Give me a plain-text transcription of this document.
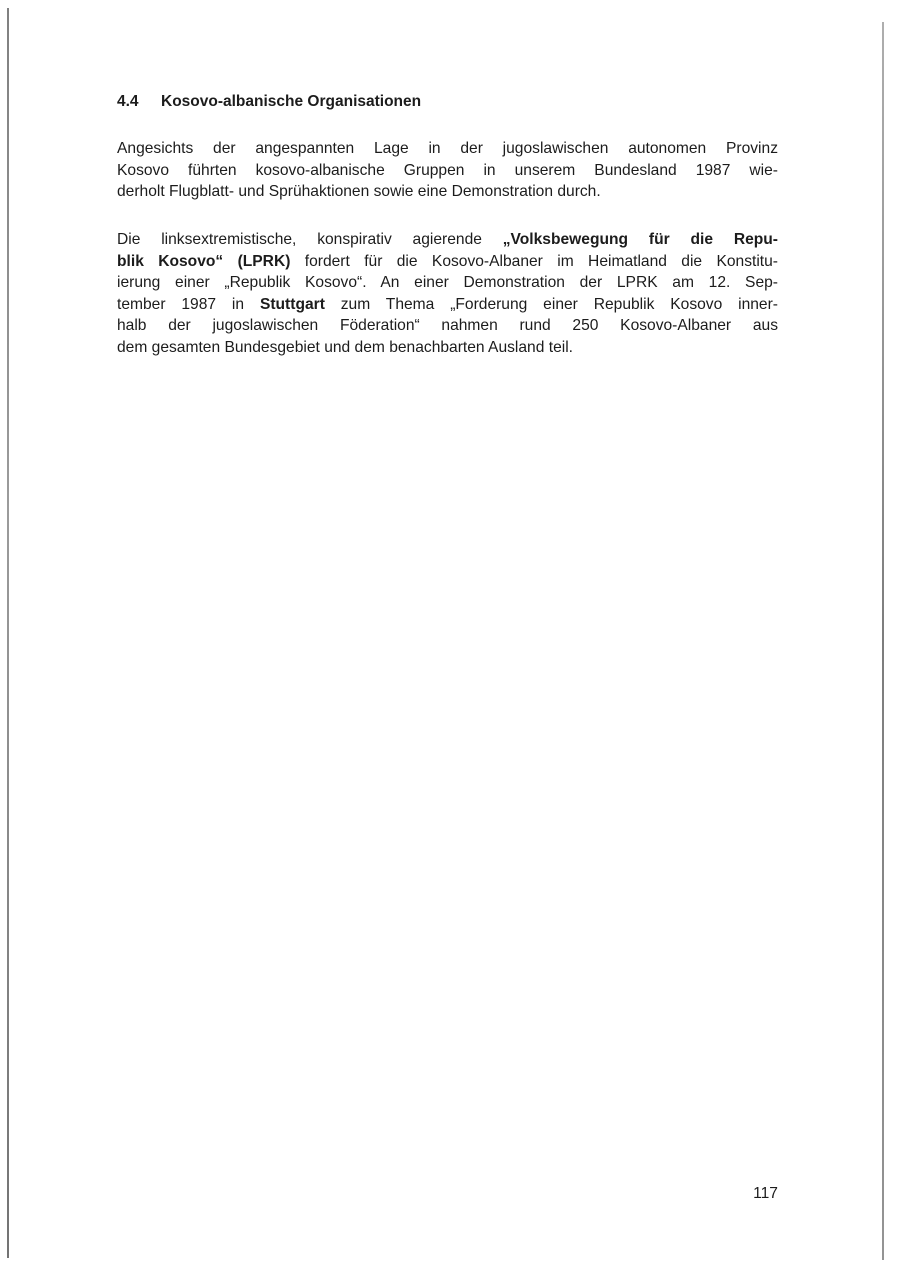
4.4 Kosovo-albanische Organisationen

Angesichts der angespannten Lage in der jugoslawischen autonomen Provinz
Kosovo führten kosovo-albanische Gruppen in unserem Bundesland 1987 wie-
derholt Flugblatt- und Sprühaktionen sowie eine Demonstration durch.

Die linksextremistische, konspirativ agierende „Volksbewegung für die Repu-
blik Kosovo“ (LPRK) fordert für die Kosovo-Albaner im Heimatland die Konstitu-
ierung einer „Republik Kosovo“. An einer Demonstration der LPRK am 12. Sep-
tember 1987 in Stuttgart zum Thema „Forderung einer Republik Kosovo inner-
halb der jugoslawischen Föderation“ nahmen rund 250 Kosovo-Albaner aus
dem gesamten Bundesgebiet und dem benachbarten Ausland teil.

117
